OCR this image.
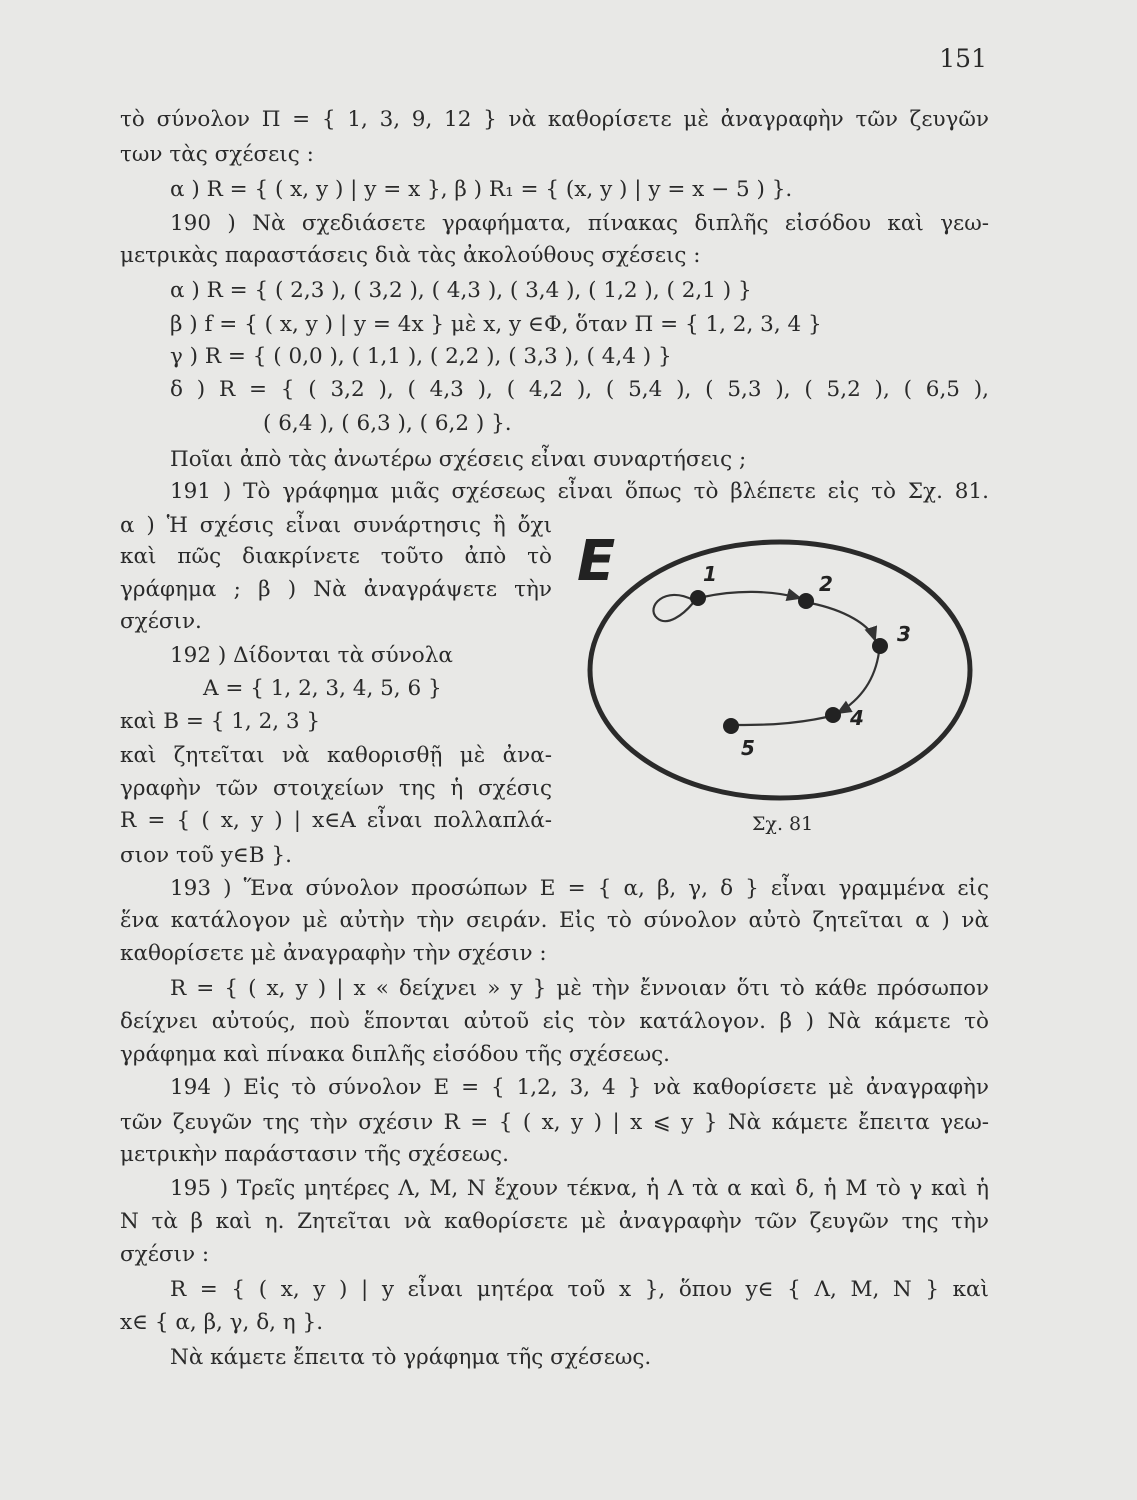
151
τὸ σύνολον Π = { 1, 3, 9, 12 } νὰ καθορίσετε μὲ ἀναγραφὴν τῶν ζευγῶν
των τὰς σχέσεις :
α ) R = { ( x, y ) | y = x }, β ) R₁ = { (x, y ) | y = x − 5 ) }.
190 ) Νὰ σχεδιάσετε γραφήματα, πίνακας διπλῆς εἰσόδου καὶ γεω-
μετρικὰς παραστάσεις διὰ τὰς ἀκολούθους σχέσεις :
α ) R = { ( 2,3 ), ( 3,2 ), ( 4,3 ), ( 3,4 ), ( 1,2 ), ( 2,1 ) }
β ) f = { ( x, y ) | y = 4x } μὲ x, y ∈Φ, ὅταν Π = { 1, 2, 3, 4 }
γ ) R = { ( 0,0 ), ( 1,1 ), ( 2,2 ), ( 3,3 ), ( 4,4 ) }
δ ) R = { ( 3,2 ), ( 4,3 ), ( 4,2 ), ( 5,4 ), ( 5,3 ), ( 5,2 ), ( 6,5 ),
( 6,4 ), ( 6,3 ), ( 6,2 ) }.
Ποῖαι ἀπὸ τὰς ἀνωτέρω σχέσεις εἶναι συναρτήσεις ;
191 ) Τὸ γράφημα μιᾶς σχέσεως εἶναι ὅπως τὸ βλέπετε εἰς τὸ Σχ. 81.
α ) Ἡ σχέσις εἶναι συνάρτησις ἢ ὄχι
καὶ πῶς διακρίνετε τοῦτο ἀπὸ τὸ
γράφημα ; β ) Νὰ ἀναγράψετε τὴν
σχέσιν.
192 ) Δίδονται τὰ σύνολα
A = { 1, 2, 3, 4, 5, 6 }
καὶ B = { 1, 2, 3 }
καὶ ζητεῖται νὰ καθορισθῇ μὲ ἀνα-
γραφὴν τῶν στοιχείων της ἡ σχέσις
R = { ( x, y ) | x∈A εἶναι πολλαπλά-
σιον τοῦ y∈B }.
193 ) Ἕνα σύνολον προσώπων E = { α, β, γ, δ } εἶναι γραμμένα εἰς
ἕνα κατάλογον μὲ αὐτὴν τὴν σειράν. Εἰς τὸ σύνολον αὐτὸ ζητεῖται α ) νὰ
καθορίσετε μὲ ἀναγραφὴν τὴν σχέσιν :
R = { ( x, y ) | x « δείχνει » y } μὲ τὴν ἔννοιαν ὅτι τὸ κάθε πρόσωπον
δείχνει αὐτούς, ποὺ ἕπονται αὐτοῦ εἰς τὸν κατάλογον. β ) Νὰ κάμετε τὸ
γράφημα καὶ πίνακα διπλῆς εἰσόδου τῆς σχέσεως.
194 ) Εἰς τὸ σύνολον E = { 1,2, 3, 4 } νὰ καθορίσετε μὲ ἀναγραφὴν
τῶν ζευγῶν της τὴν σχέσιν R = { ( x, y ) | x ⩽ y } Νὰ κάμετε ἔπειτα γεω-
μετρικὴν παράστασιν τῆς σχέσεως.
195 ) Τρεῖς μητέρες Λ, Μ, Ν ἔχουν τέκνα, ἡ Λ τὰ α καὶ δ, ἡ Μ τὸ γ καὶ ἡ
Ν τὰ β καὶ η. Ζητεῖται νὰ καθορίσετε μὲ ἀναγραφὴν τῶν ζευγῶν της τὴν
σχέσιν :
R = { ( x, y ) | y εἶναι μητέρα τοῦ x }, ὅπου y∈ { Λ, Μ, Ν } καὶ
x∈ { α, β, γ, δ, η }.
Νὰ κάμετε ἔπειτα τὸ γράφημα τῆς σχέσεως.
E	1	2
3
4
5
Σχ. 81
